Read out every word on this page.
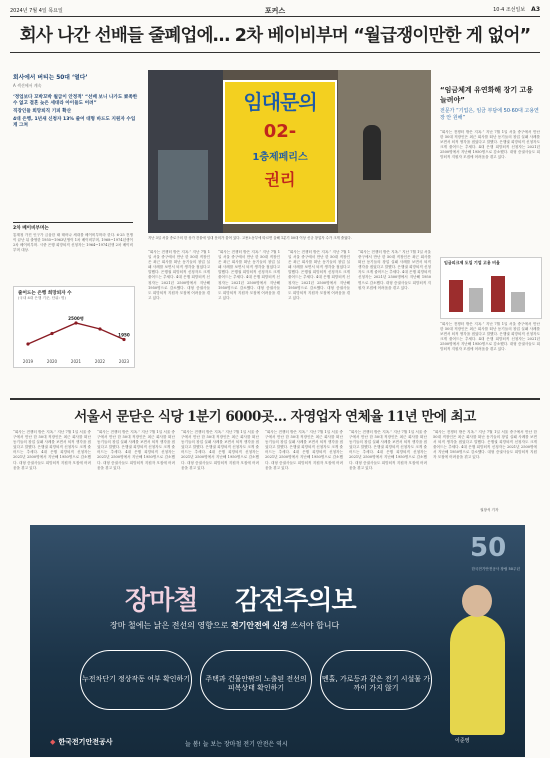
2024년 7월 4일 목요일	포커스	10·4 조선일보 A3
회사 나간 선배들 줄폐업에… 2차 베이비부머 “월급쟁이만한 게 없어”
회사에서 버티는 50대 ‘열다’
A 섹션에서 계속

‘정업보다 꼬박꼬박 월급이 안정적’ “선배 보니 나가도 뾰족한 수 없고 결혼 늦은 세대라 아이들도 어려”

직장인들 희망퇴직 기피 확산

4대 은행, 1년새 신청자 13% 줄어 대형 바드도 지원자 수입게 그쳐

2차 베이비부머는
통계청 가진 인구가 금융한 때 태어나 세대를 베이비부머라 한다. 6·25 전쟁이 끝난 뒤 출생한 1955~1963년생이 1차 베이비부머, 1968~1974년생이 2차 베이비부머. 시중 은행 희망퇴직 신청자는 1964~1974년생 2차 베이비부머 대상.
줄어드는 은행 희망퇴자 수
(국내 4대 은행 기준, 단위: 명)
2019	2020	2021
2500명
2022	2023
1950
임대문의
02-
1층제페리스
권리
지난 3일 서울 종로구의 한 상가 건물에 임대 문의가 붙어 있다. 고용노동부에 따르면 올해 1분기 50대 이상 신규 창업자 수가 크게 줄었다.
“회사는 전쟁터 밖은 지옥.” 지난 7월 1일 서울 중구에서 만난 한 50대 직장인은 최근 회사를 떠난 동기들의 창업 실패 사례를 보면서 퇴직 생각을 접었다고 말했다. 은행권 희망퇴직 신청자도 크게 줄어드는 추세다. 4대 은행 희망퇴직 신청자는 2021년 2500명에서 지난해 1950명으로 감소했다. 대형 증권사들도 희망퇴직 지원자 모집에 어려움을 겪고 있다.
“회사는 전쟁터 밖은 지옥.” 지난 7월 1일 서울 중구에서 만난 한 50대 직장인은 최근 회사를 떠난 동기들의 창업 실패 사례를 보면서 퇴직 생각을 접었다고 말했다. 은행권 희망퇴직 신청자도 크게 줄어드는 추세다. 4대 은행 희망퇴직 신청자는 2021년 2500명에서 지난해 1950명으로 감소했다. 대형 증권사들도 희망퇴직 지원자 모집에 어려움을 겪고 있다.
“회사는 전쟁터 밖은 지옥.” 지난 7월 1일 서울 중구에서 만난 한 50대 직장인은 최근 회사를 떠난 동기들의 창업 실패 사례를 보면서 퇴직 생각을 접었다고 말했다. 은행권 희망퇴직 신청자도 크게 줄어드는 추세다. 4대 은행 희망퇴직 신청자는 2021년 2500명에서 지난해 1950명으로 감소했다. 대형 증권사들도 희망퇴직 지원자 모집에 어려움을 겪고 있다.
“회사는 전쟁터 밖은 지옥.” 지난 7월 1일 서울 중구에서 만난 한 50대 직장인은 최근 회사를 떠난 동기들의 창업 실패 사례를 보면서 퇴직 생각을 접었다고 말했다. 은행권 희망퇴직 신청자도 크게 줄어드는 추세다. 4대 은행 희망퇴직 신청자는 2021년 2500명에서 지난해 1950명으로 감소했다. 대형 증권사들도 희망퇴직 지원자 모집에 어려움을 겪고 있다.
“임금체계 유연화해 장기 고용 늘려야”
전문가 “기업은, 임금 부담에 50·60대 고용연장 안 원해”
“회사는 전쟁터 밖은 지옥.” 지난 7월 1일 서울 중구에서 만난 한 50대 직장인은 최근 회사를 떠난 동기들의 창업 실패 사례를 보면서 퇴직 생각을 접었다고 말했다. 은행권 희망퇴직 신청자도 크게 줄어드는 추세다. 4대 은행 희망퇴직 신청자는 2021년 2500명에서 지난해 1950명으로 감소했다. 대형 증권사들도 희망퇴직 지원자 모집에 어려움을 겪고 있다.
임금피크제 도입 기업 고용 비율
“회사는 전쟁터 밖은 지옥.” 지난 7월 1일 서울 중구에서 만난 한 50대 직장인은 최근 회사를 떠난 동기들의 창업 실패 사례를 보면서 퇴직 생각을 접었다고 말했다. 은행권 희망퇴직 신청자도 크게 줄어드는 추세다. 4대 은행 희망퇴직 신청자는 2021년 2500명에서 지난해 1950명으로 감소했다. 대형 증권사들도 희망퇴직 지원자 모집에 어려움을 겪고 있다.
서울서 문닫은 식당 1분기 6000곳… 자영업자 연체율 11년 만에 최고
“회사는 전쟁터 밖은 지옥.” 지난 7월 1일 서울 중구에서 만난 한 50대 직장인은 최근 회사를 떠난 동기들의 창업 실패 사례를 보면서 퇴직 생각을 접었다고 말했다. 은행권 희망퇴직 신청자도 크게 줄어드는 추세다. 4대 은행 희망퇴직 신청자는 2021년 2500명에서 지난해 1950명으로 감소했다. 대형 증권사들도 희망퇴직 지원자 모집에 어려움을 겪고 있다.
“회사는 전쟁터 밖은 지옥.” 지난 7월 1일 서울 중구에서 만난 한 50대 직장인은 최근 회사를 떠난 동기들의 창업 실패 사례를 보면서 퇴직 생각을 접었다고 말했다. 은행권 희망퇴직 신청자도 크게 줄어드는 추세다. 4대 은행 희망퇴직 신청자는 2021년 2500명에서 지난해 1950명으로 감소했다. 대형 증권사들도 희망퇴직 지원자 모집에 어려움을 겪고 있다.
“회사는 전쟁터 밖은 지옥.” 지난 7월 1일 서울 중구에서 만난 한 50대 직장인은 최근 회사를 떠난 동기들의 창업 실패 사례를 보면서 퇴직 생각을 접었다고 말했다. 은행권 희망퇴직 신청자도 크게 줄어드는 추세다. 4대 은행 희망퇴직 신청자는 2021년 2500명에서 지난해 1950명으로 감소했다. 대형 증권사들도 희망퇴직 지원자 모집에 어려움을 겪고 있다.
“회사는 전쟁터 밖은 지옥.” 지난 7월 1일 서울 중구에서 만난 한 50대 직장인은 최근 회사를 떠난 동기들의 창업 실패 사례를 보면서 퇴직 생각을 접었다고 말했다. 은행권 희망퇴직 신청자도 크게 줄어드는 추세다. 4대 은행 희망퇴직 신청자는 2021년 2500명에서 지난해 1950명으로 감소했다. 대형 증권사들도 희망퇴직 지원자 모집에 어려움을 겪고 있다.
“회사는 전쟁터 밖은 지옥.” 지난 7월 1일 서울 중구에서 만난 한 50대 직장인은 최근 회사를 떠난 동기들의 창업 실패 사례를 보면서 퇴직 생각을 접었다고 말했다. 은행권 희망퇴직 신청자도 크게 줄어드는 추세다. 4대 은행 희망퇴직 신청자는 2021년 2500명에서 지난해 1950명으로 감소했다. 대형 증권사들도 희망퇴직 지원자 모집에 어려움을 겪고 있다.
“회사는 전쟁터 밖은 지옥.” 지난 7월 1일 서울 중구에서 만난 한 50대 직장인은 최근 회사를 떠난 동기들의 창업 실패 사례를 보면서 퇴직 생각을 접었다고 말했다. 은행권 희망퇴직 신청자도 크게 줄어드는 추세다. 4대 은행 희망퇴직 신청자는 2021년 2500명에서 지난해 1950명으로 감소했다. 대형 증권사들도 희망퇴직 지원자 모집에 어려움을 겪고 있다.
권창석 기자
50
한국전기안전공사 창립 50주년
장마철 감전주의보
장마 철에는 낡은 전선의 영향으로 전기안전에 신경 쓰셔야 합니다
누전차단기 정상작동 여부 확인하기	주택과 건물안팎의 노출된 전선의 피복상태 확인하기
멘홀, 가로등과 같은 전기 시설물 가까이 가지 않기
이준영
◆ 한국전기안전공사	늘 봄! 늘 보는 장마철 전기 안전은 역시
